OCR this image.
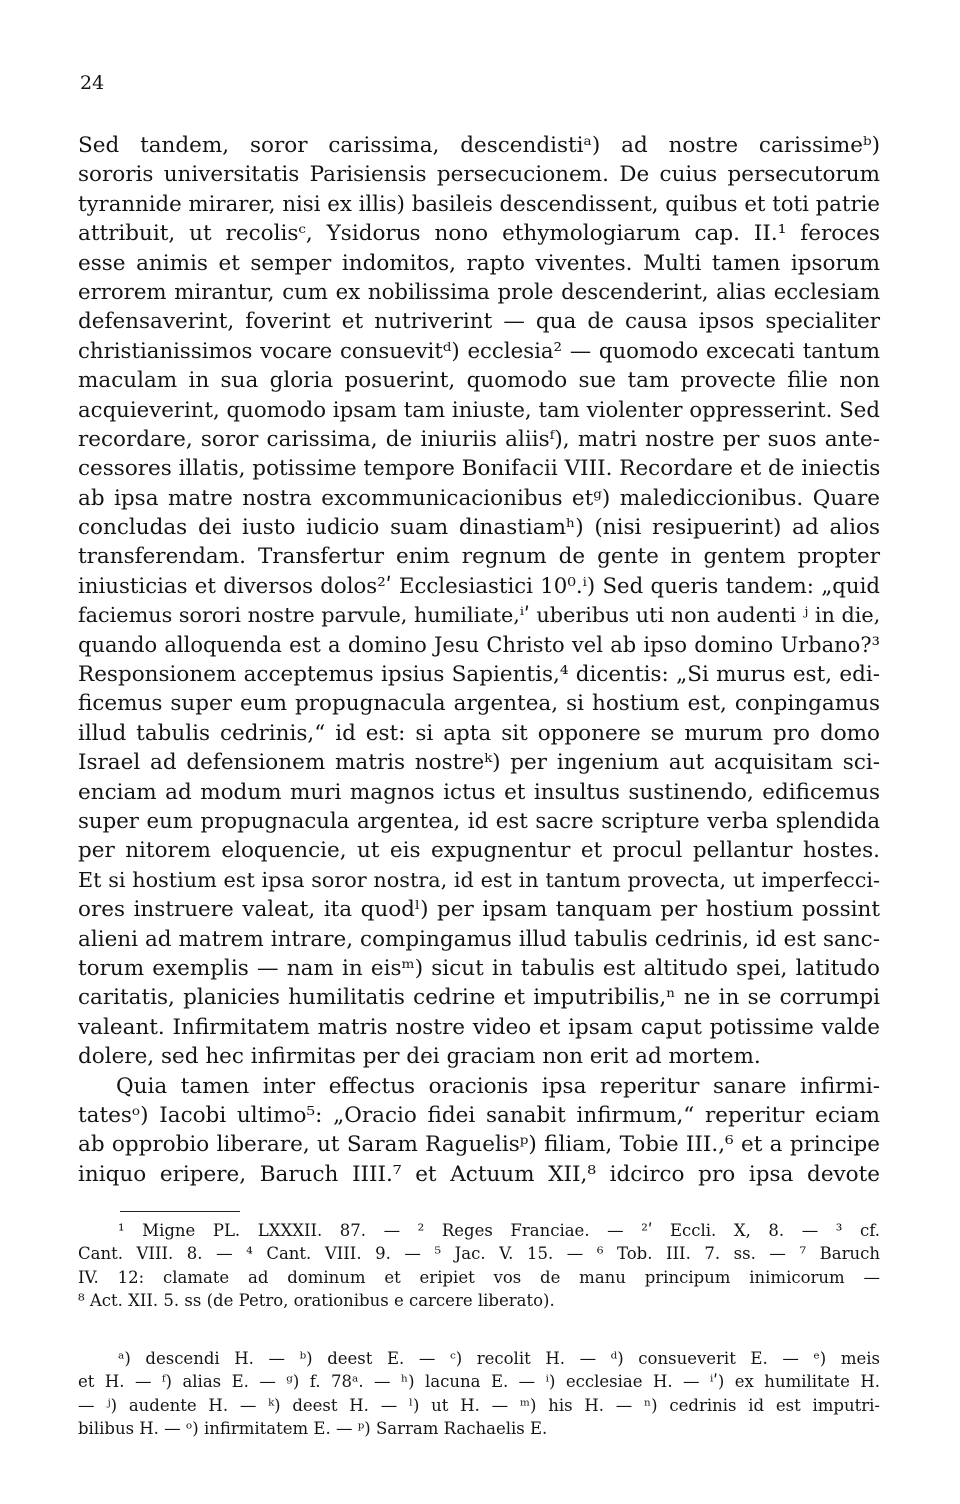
24
Sed tandem, soror carissima, descendistiᵃ) ad nostre carissimeᵇ)
sororis universitatis Parisiensis persecucionem. De cuius persecutorum
tyrannide mirarer, nisi ex illis) basileis descendissent, quibus et toti patrie
attribuit, ut recolisᶜ, Ysidorus nono ethymologiarum cap. II.¹ feroces
esse animis et semper indomitos, rapto viventes. Multi tamen ipsorum
errorem mirantur, cum ex nobilissima prole descenderint, alias ecclesiam
defensaverint, foverint et nutriverint — qua de causa ipsos specialiter
christianissimos vocare consuevitᵈ) ecclesia² — quomodo excecati tantum
maculam in sua gloria posuerint, quomodo sue tam provecte filie non
acquieverint, quomodo ipsam tam iniuste, tam violenter oppresserint. Sed
recordare, soror carissima, de iniuriis aliisᶠ), matri nostre per suos ante-
cessores illatis, potissime tempore Bonifacii VIII. Recordare et de iniectis
ab ipsa matre nostra excommunicacionibus etᵍ) malediccionibus. Quare
concludas dei iusto iudicio suam dinastiamʰ) (nisi resipuerint) ad alios
transferendam. Transfertur enim regnum de gente in gentem propter
iniusticias et diversos dolos²ʹ Ecclesiastici 10⁰.ⁱ) Sed queris tandem: „quid
faciemus sorori nostre parvule, humiliate,ⁱʹ uberibus uti non audenti ʲ in die,
quando alloquenda est a domino Jesu Christo vel ab ipso domino Urbano?³
Responsionem acceptemus ipsius Sapientis,⁴ dicentis: „Si murus est, edi-
ficemus super eum propugnacula argentea, si hostium est, conpingamus
illud tabulis cedrinis,“ id est: si apta sit opponere se murum pro domo
Israel ad defensionem matris nostreᵏ) per ingenium aut acquisitam sci-
enciam ad modum muri magnos ictus et insultus sustinendo, edificemus
super eum propugnacula argentea, id est sacre scripture verba splendida
per nitorem eloquencie, ut eis expugnentur et procul pellantur hostes.
Et si hostium est ipsa soror nostra, id est in tantum provecta, ut imperfecci-
ores instruere valeat, ita quodˡ) per ipsam tanquam per hostium possint
alieni ad matrem intrare, compingamus illud tabulis cedrinis, id est sanc-
torum exemplis — nam in eisᵐ) sicut in tabulis est altitudo spei, latitudo
caritatis, planicies humilitatis cedrine et imputribilis,ⁿ ne in se corrumpi
valeant. Infirmitatem matris nostre video et ipsam caput potissime valde
dolere, sed hec infirmitas per dei graciam non erit ad mortem.
Quia tamen inter effectus oracionis ipsa reperitur sanare infirmi-
tatesᵒ) Iacobi ultimo⁵: „Oracio fidei sanabit infirmum,“ reperitur eciam
ab opprobio liberare, ut Saram Raguelisᵖ) filiam, Tobie III.,⁶ et a principe
iniquo eripere, Baruch IIII.⁷ et Actuum XII,⁸ idcirco pro ipsa devote
¹ Migne PL. LXXXII. 87. — ² Reges Franciae. — ²ʹ Eccli. X, 8. — ³ cf.
Cant. VIII. 8. — ⁴ Cant. VIII. 9. — ⁵ Jac. V. 15. — ⁶ Tob. III. 7. ss. — ⁷ Baruch
IV. 12: clamate ad dominum et eripiet vos de manu principum inimicorum —
⁸ Act. XII. 5. ss (de Petro, orationibus e carcere liberato).
ᵃ) descendi H. — ᵇ) deest E. — ᶜ) recolit H. — ᵈ) consueverit E. — ᵉ) meis
et H. — ᶠ) alias E. — ᵍ) f. 78ᵃ. — ʰ) lacuna E. — ⁱ) ecclesiae H. — ⁱʹ) ex humilitate H.
— ʲ) audente H. — ᵏ) deest H. — ˡ) ut H. — ᵐ) his H. — ⁿ) cedrinis id est imputri-
bilibus H. — ᵒ) infirmitatem E. — ᵖ) Sarram Rachaelis E.
